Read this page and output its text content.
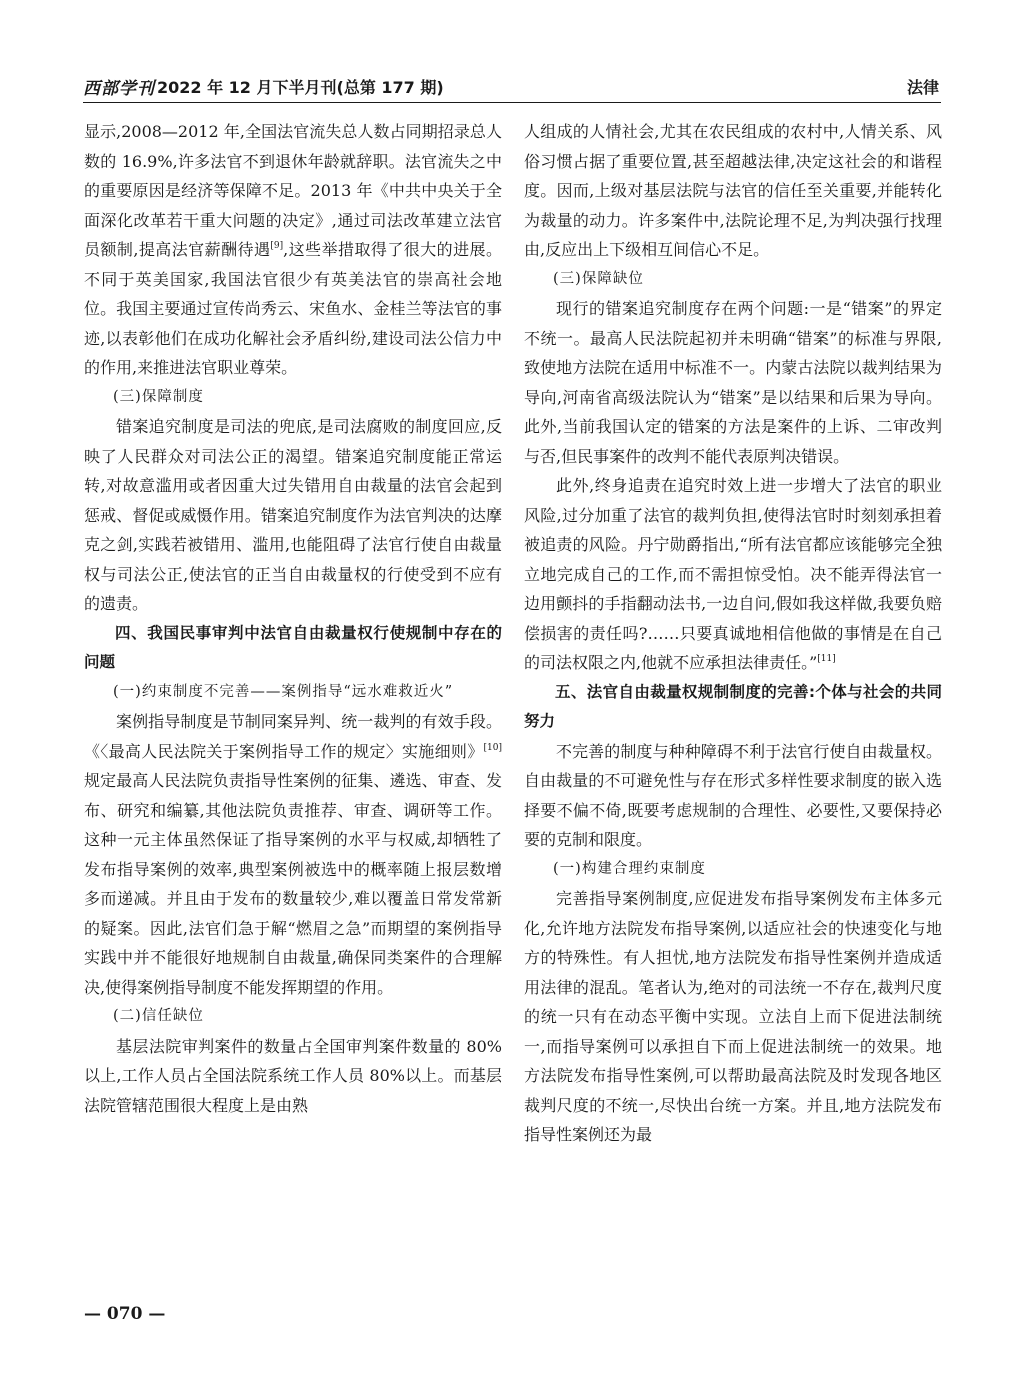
西部学刊 2022 年 12 月下半月刊(总第 177 期)	法律

显示,2008—2012 年,全国法官流失总人数占同期招录总人数的 16.9%,许多法官不到退休年龄就辞职。法官流失之中的重要原因是经济等保障不足。2013 年《中共中央关于全面深化改革若干重大问题的决定》,通过司法改革建立法官员额制,提高法官薪酬待遇[9],这些举措取得了很大的进展。不同于英美国家,我国法官很少有英美法官的崇高社会地位。我国主要通过宣传尚秀云、宋鱼水、金桂兰等法官的事迹,以表彰他们在成功化解社会矛盾纠纷,建设司法公信力中的作用,来推进法官职业尊荣。

(三)保障制度

错案追究制度是司法的兜底,是司法腐败的制度回应,反映了人民群众对司法公正的渴望。错案追究制度能正常运转,对故意滥用或者因重大过失错用自由裁量的法官会起到惩戒、督促或威慑作用。错案追究制度作为法官判决的达摩克之剑,实践若被错用、滥用,也能阻碍了法官行使自由裁量权与司法公正,使法官的正当自由裁量权的行使受到不应有的遗责。

四、我国民事审判中法官自由裁量权行使规制中存在的问题

(一)约束制度不完善——案例指导“远水难救近火”

案例指导制度是节制同案异判、统一裁判的有效手段。《〈最高人民法院关于案例指导工作的规定〉实施细则》[10]规定最高人民法院负责指导性案例的征集、遴选、审查、发布、研究和编纂,其他法院负责推荐、审查、调研等工作。这种一元主体虽然保证了指导案例的水平与权威,却牺牲了发布指导案例的效率,典型案例被选中的概率随上报层数增多而递减。并且由于发布的数量较少,难以覆盖日常发常新的疑案。因此,法官们急于解“燃眉之急”而期望的案例指导实践中并不能很好地规制自由裁量,确保同类案件的合理解决,使得案例指导制度不能发挥期望的作用。

(二)信任缺位

基层法院审判案件的数量占全国审判案件数量的 80%以上,工作人员占全国法院系统工作人员 80%以上。而基层法院管辖范围很大程度上是由熟

人组成的人情社会,尤其在农民组成的农村中,人情关系、风俗习惯占据了重要位置,甚至超越法律,决定这社会的和谐程度。因而,上级对基层法院与法官的信任至关重要,并能转化为裁量的动力。许多案件中,法院论理不足,为判决强行找理由,反应出上下级相互间信心不足。

(三)保障缺位

现行的错案追究制度存在两个问题:一是“错案”的界定不统一。最高人民法院起初并未明确“错案”的标准与界限,致使地方法院在适用中标准不一。内蒙古法院以裁判结果为导向,河南省高级法院认为“错案”是以结果和后果为导向。此外,当前我国认定的错案的方法是案件的上诉、二审改判与否,但民事案件的改判不能代表原判决错误。

此外,终身追责在追究时效上进一步增大了法官的职业风险,过分加重了法官的裁判负担,使得法官时时刻刻承担着被追责的风险。丹宁勋爵指出,“所有法官都应该能够完全独立地完成自己的工作,而不需担惊受怕。决不能弄得法官一边用颤抖的手指翻动法书,一边自问,假如我这样做,我要负赔偿损害的责任吗?……只要真诚地相信他做的事情是在自己的司法权限之内,他就不应承担法律责任。”[11]

五、法官自由裁量权规制制度的完善:个体与社会的共同努力

不完善的制度与种种障碍不利于法官行使自由裁量权。自由裁量的不可避免性与存在形式多样性要求制度的嵌入选择要不偏不倚,既要考虑规制的合理性、必要性,又要保持必要的克制和限度。

(一)构建合理约束制度

完善指导案例制度,应促进发布指导案例发布主体多元化,允许地方法院发布指导案例,以适应社会的快速变化与地方的特殊性。有人担忧,地方法院发布指导性案例并造成适用法律的混乱。笔者认为,绝对的司法统一不存在,裁判尺度的统一只有在动态平衡中实现。立法自上而下促进法制统一,而指导案例可以承担自下而上促进法制统一的效果。地方法院发布指导性案例,可以帮助最高法院及时发现各地区裁判尺度的不统一,尽快出台统一方案。并且,地方法院发布指导性案例还为最

— 070 —
